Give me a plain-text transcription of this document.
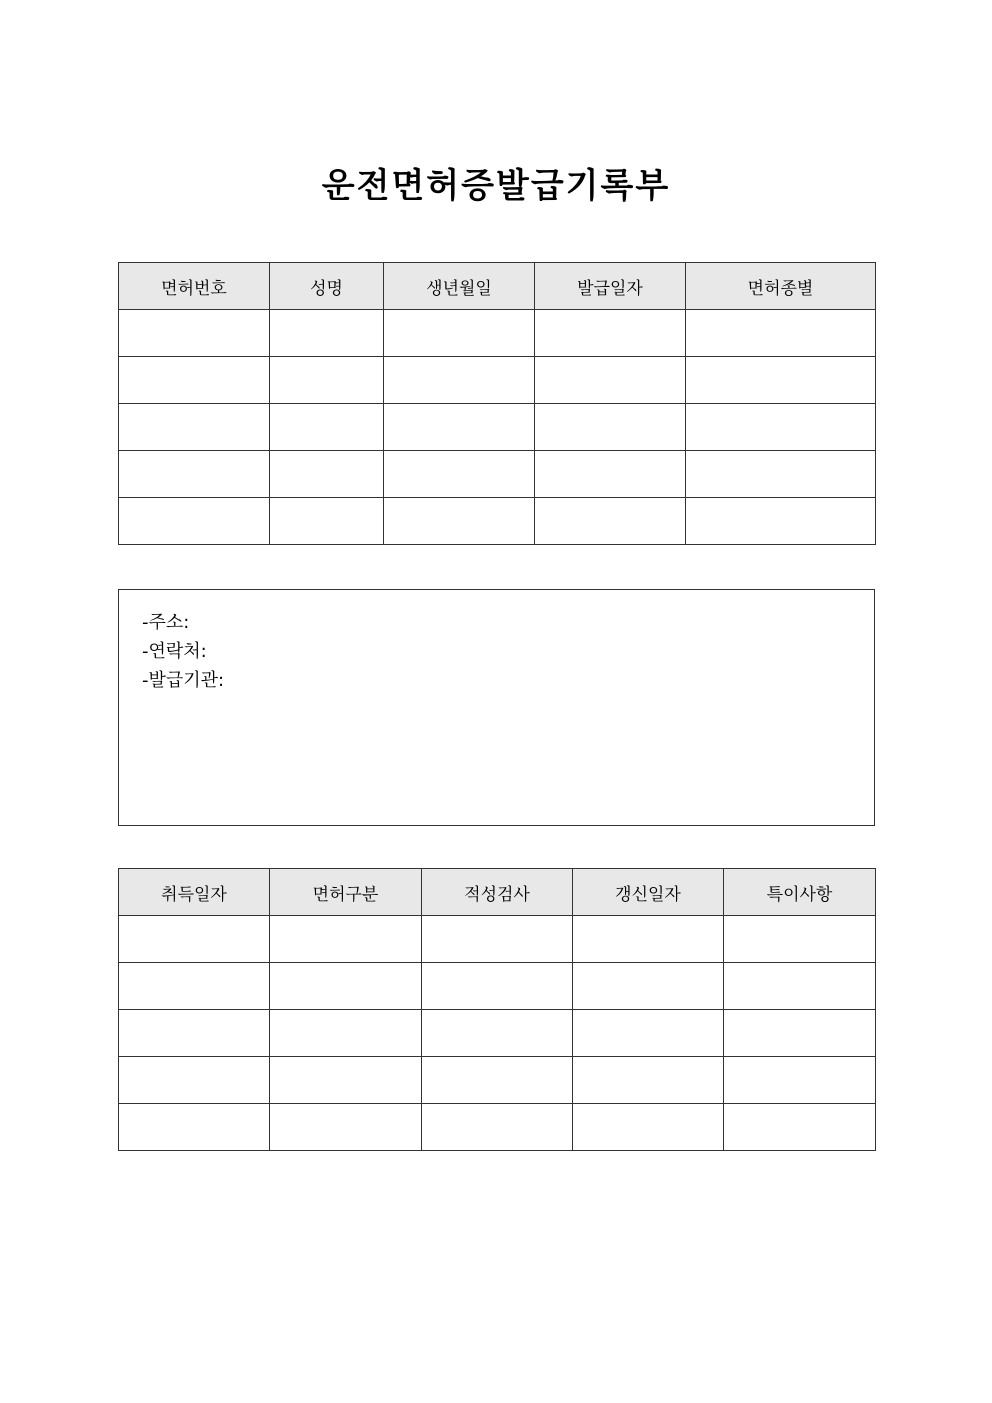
운전면허증발급기록부
면허번호	성명	생년월일	발급일자	면허종별

-주소:
-연락처:
-발급기관:
취득일자	면허구분	적성검사	갱신일자	특이사항
